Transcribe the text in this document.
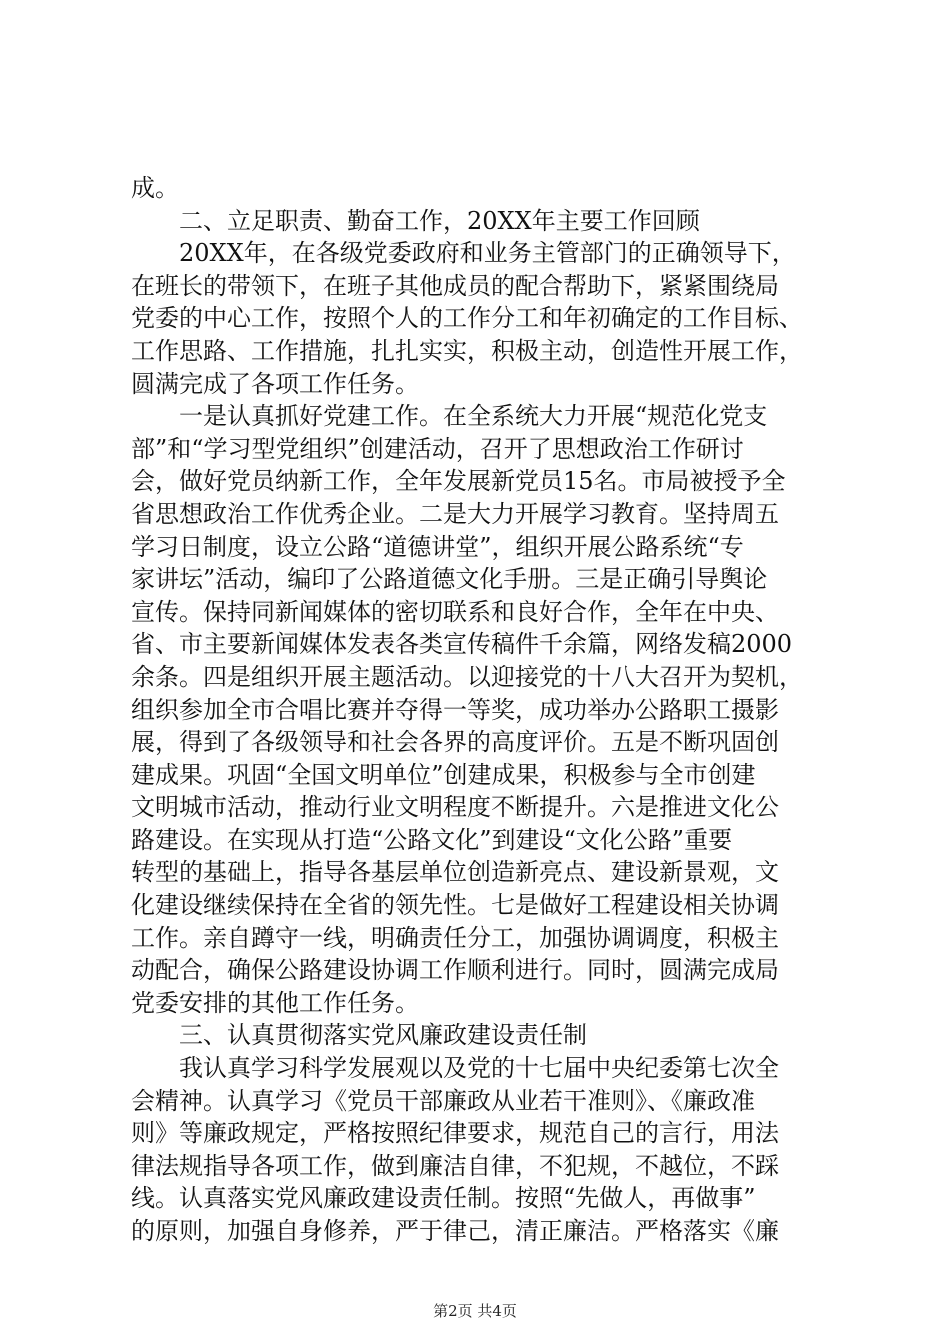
成。
二、立足职责、勤奋工作，20XX年主要工作回顾
20XX年，在各级党委政府和业务主管部门的正确领导下，
在班长的带领下，在班子其他成员的配合帮助下，紧紧围绕局
党委的中心工作，按照个人的工作分工和年初确定的工作目标、
工作思路、工作措施，扎扎实实，积极主动，创造性开展工作，
圆满完成了各项工作任务。
一是认真抓好党建工作。在全系统大力开展“规范化党支
部”和“学习型党组织”创建活动，召开了思想政治工作研讨
会，做好党员纳新工作，全年发展新党员15名。市局被授予全
省思想政治工作优秀企业。二是大力开展学习教育。坚持周五
学习日制度，设立公路“道德讲堂”，组织开展公路系统“专
家讲坛”活动，编印了公路道德文化手册。三是正确引导舆论
宣传。保持同新闻媒体的密切联系和良好合作，全年在中央、
省、市主要新闻媒体发表各类宣传稿件千余篇，网络发稿2000
余条。四是组织开展主题活动。以迎接党的十八大召开为契机，
组织参加全市合唱比赛并夺得一等奖，成功举办公路职工摄影
展，得到了各级领导和社会各界的高度评价。五是不断巩固创
建成果。巩固“全国文明单位”创建成果，积极参与全市创建
文明城市活动，推动行业文明程度不断提升。六是推进文化公
路建设。在实现从打造“公路文化”到建设“文化公路”重要
转型的基础上，指导各基层单位创造新亮点、建设新景观，文
化建设继续保持在全省的领先性。七是做好工程建设相关协调
工作。亲自蹲守一线，明确责任分工，加强协调调度，积极主
动配合，确保公路建设协调工作顺利进行。同时，圆满完成局
党委安排的其他工作任务。
三、认真贯彻落实党风廉政建设责任制
我认真学习科学发展观以及党的十七届中央纪委第七次全
会精神。认真学习《党员干部廉政从业若干准则》、《廉政准
则》等廉政规定，严格按照纪律要求，规范自己的言行，用法
律法规指导各项工作，做到廉洁自律，不犯规，不越位，不踩
线。认真落实党风廉政建设责任制。按照“先做人，再做事”
的原则，加强自身修养，严于律己，清正廉洁。严格落实《廉
第2页 共4页
